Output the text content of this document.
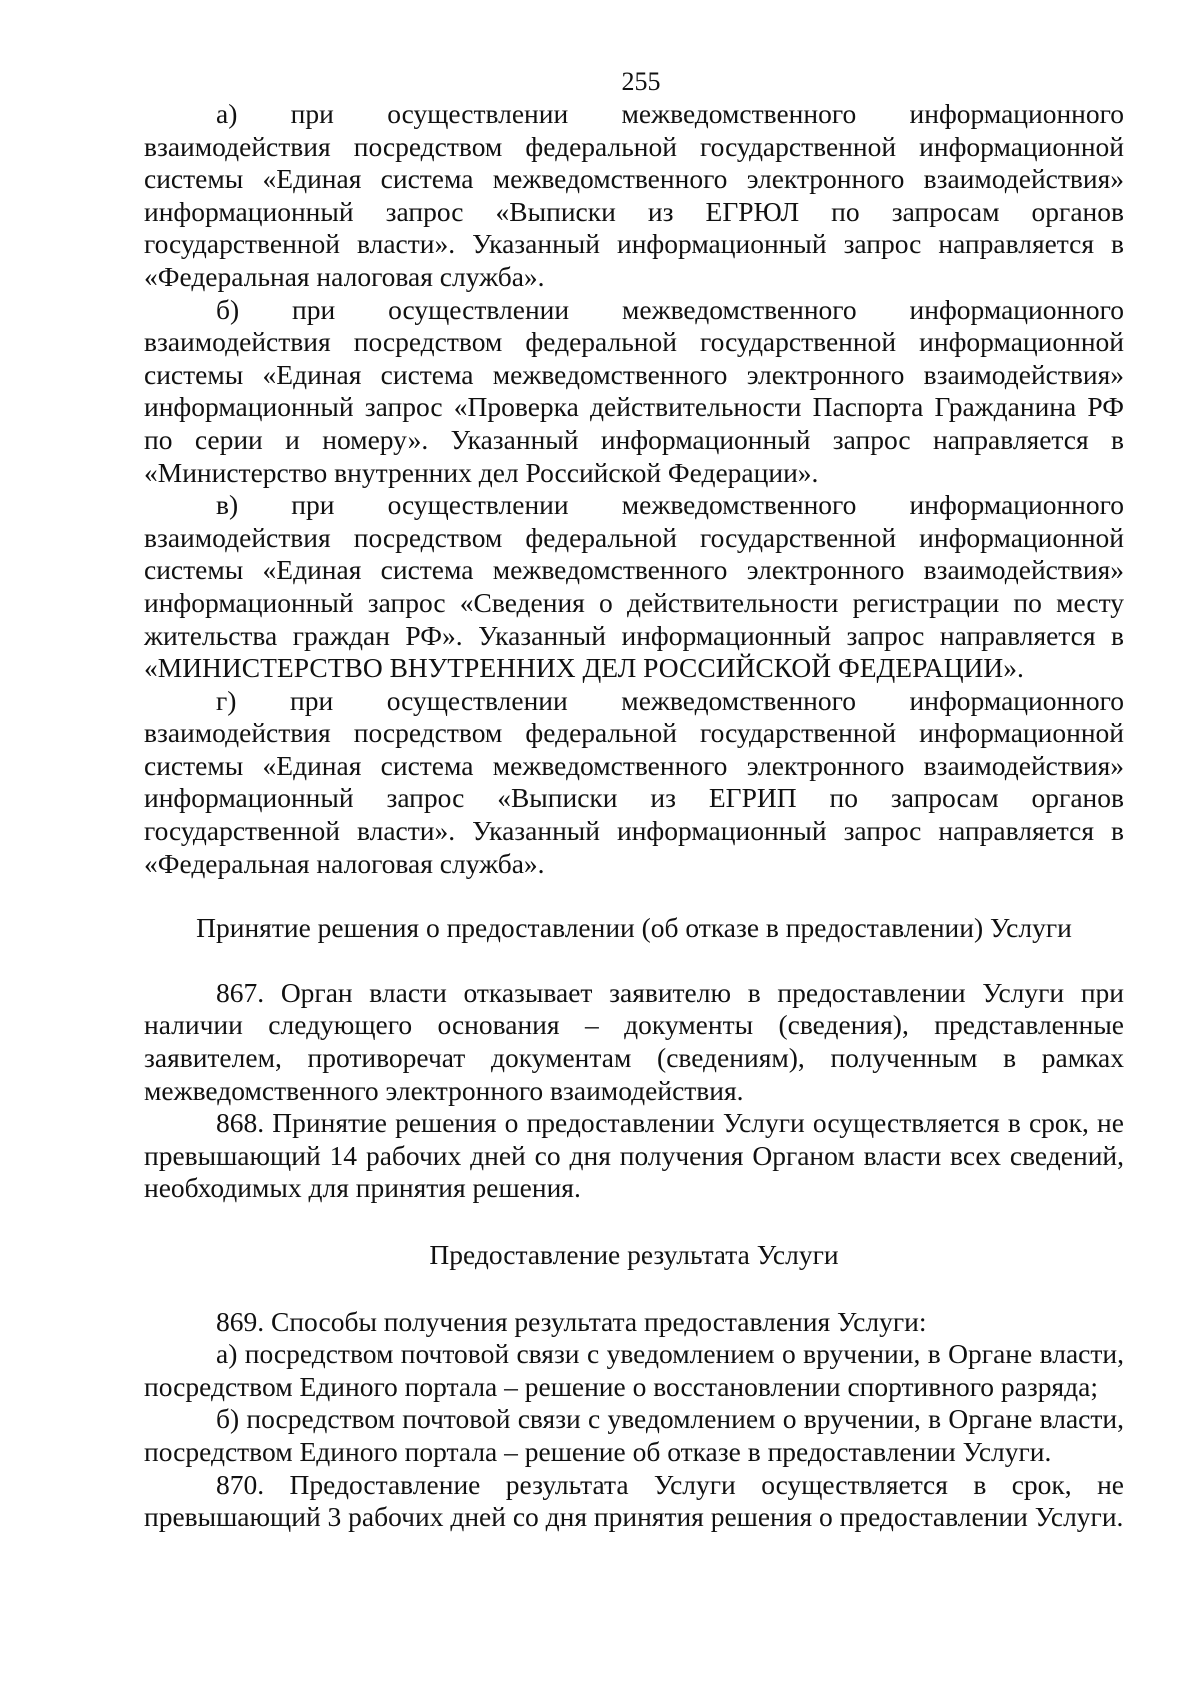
255

а) при осуществлении межведомственного информационного взаимодействия посредством федеральной государственной информационной системы «Единая система межведомственного электронного взаимодействия» информационный запрос «Выписки из ЕГРЮЛ по запросам органов государственной власти». Указанный информационный запрос направляется в «Федеральная налоговая служба».

б) при осуществлении межведомственного информационного взаимодействия посредством федеральной государственной информационной системы «Единая система межведомственного электронного взаимодействия» информационный запрос «Проверка действительности Паспорта Гражданина РФ по серии и номеру». Указанный информационный запрос направляется в «Министерство внутренних дел Российской Федерации».

в) при осуществлении межведомственного информационного взаимодействия посредством федеральной государственной информационной системы «Единая система межведомственного электронного взаимодействия» информационный запрос «Сведения о действительности регистрации по месту жительства граждан РФ». Указанный информационный запрос направляется в «МИНИСТЕРСТВО ВНУТРЕННИХ ДЕЛ РОССИЙСКОЙ ФЕДЕРАЦИИ».

г) при осуществлении межведомственного информационного взаимодействия посредством федеральной государственной информационной системы «Единая система межведомственного электронного взаимодействия» информационный запрос «Выписки из ЕГРИП по запросам органов государственной власти». Указанный информационный запрос направляется в «Федеральная налоговая служба».

Принятие решения о предоставлении (об отказе в предоставлении) Услуги

867. Орган власти отказывает заявителю в предоставлении Услуги при наличии следующего основания – документы (сведения), представленные заявителем, противоречат документам (сведениям), полученным в рамках межведомственного электронного взаимодействия.

868. Принятие решения о предоставлении Услуги осуществляется в срок, не превышающий 14 рабочих дней со дня получения Органом власти всех сведений, необходимых для принятия решения.

Предоставление результата Услуги

869. Способы получения результата предоставления Услуги:

а) посредством почтовой связи с уведомлением о вручении, в Органе власти, посредством Единого портала – решение о восстановлении спортивного разряда;

б) посредством почтовой связи с уведомлением о вручении, в Органе власти, посредством Единого портала – решение об отказе в предоставлении Услуги.

870. Предоставление результата Услуги осуществляется в срок, не превышающий 3 рабочих дней со дня принятия решения о предоставлении Услуги.
